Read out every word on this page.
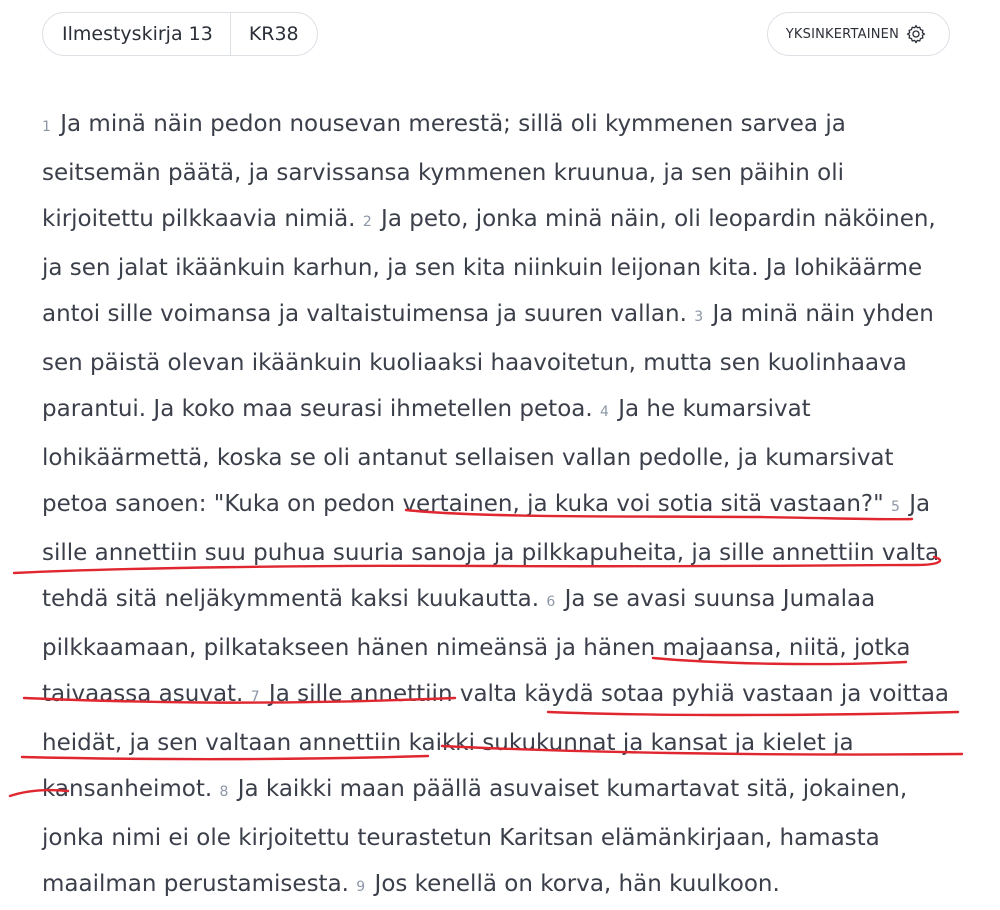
Ilmestyskirja 13	KR38	YKSINKERTAINEN
1 Ja minä näin pedon nousevan merestä; sillä oli kymmenen sarvea ja seitsemän päätä, ja sarvissansa kymmenen kruunua, ja sen päihin oli kirjoitettu pilkkaavia nimiä. 2 Ja peto, jonka minä näin, oli leopardin näköinen, ja sen jalat ikäänkuin karhun, ja sen kita niinkuin leijonan kita. Ja lohikäärme antoi sille voimansa ja valtaistuimensa ja suuren vallan. 3 Ja minä näin yhden sen päistä olevan ikäänkuin kuoliaaksi haavoitetun, mutta sen kuolinhaava parantui. Ja koko maa seurasi ihmetellen petoa. 4 Ja he kumarsivat lohikäärmettä, koska se oli antanut sellaisen vallan pedolle, ja kumarsivat petoa sanoen: "Kuka on pedon vertainen, ja kuka voi sotia sitä vastaan?" 5 Ja sille annettiin suu puhua suuria sanoja ja pilkkapuheita, ja sille annettiin valta tehdä sitä neljäkymmentä kaksi kuukautta. 6 Ja se avasi suunsa Jumalaa pilkkaamaan, pilkatakseen hänen nimeänsä ja hänen majaansa, niitä, jotka taivaassa asuvat. 7 Ja sille annettiin valta käydä sotaa pyhiä vastaan ja voittaa heidät, ja sen valtaan annettiin kaikki sukukunnat ja kansat ja kielet ja kansanheimot. 8 Ja kaikki maan päällä asuvaiset kumartavat sitä, jokainen, jonka nimi ei ole kirjoitettu teurastetun Karitsan elämänkirjaan, hamasta maailman perustamisesta. 9 Jos kenellä on korva, hän kuulkoon.
